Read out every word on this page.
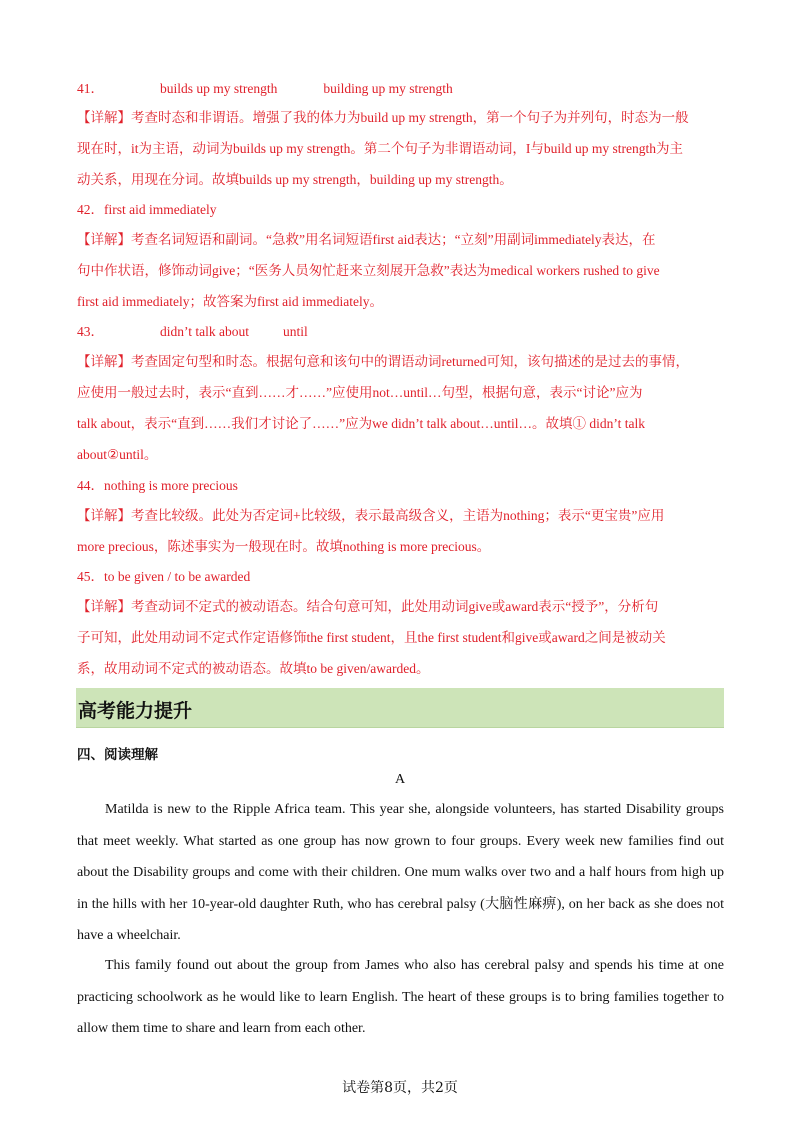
41．	builds up my strength	building up my strength
【详解】考查时态和非谓语。增强了我的体力为build up my strength，第一个句子为并列句，时态为一般
现在时，it为主语，动词为builds up my strength。第二个句子为非谓语动词，I与build up my strength为主
动关系，用现在分词。故填builds up my strength，building up my strength。
42．first aid immediately
【详解】考查名词短语和副词。“急救”用名词短语first aid表达；“立刻”用副词immediately表达，在
句中作状语，修饰动词give；“医务人员匆忙赶来立刻展开急救”表达为medical workers rushed to give
first aid immediately；故答案为first aid immediately。
43．	didn’t talk about	until
【详解】考查固定句型和时态。根据句意和该句中的谓语动词returned可知，该句描述的是过去的事情，
应使用一般过去时，表示“直到……才……”应使用not…until…句型，根据句意，表示“讨论”应为
talk about，表示“直到……我们才讨论了……”应为we didn’t talk about…until…。故填① didn’t talk
about②until。
44．nothing is more precious
【详解】考查比较级。此处为否定词+比较级，表示最高级含义，主语为nothing；表示“更宝贵”应用
more precious，陈述事实为一般现在时。故填nothing is more precious。
45．to be given / to be awarded
【详解】考查动词不定式的被动语态。结合句意可知，此处用动词give或award表示“授予”，分析句
子可知，此处用动词不定式作定语修饰the first student，且the first student和give或award之间是被动关
系，故用动词不定式的被动语态。故填to be given/awarded。
高考能力提升
四、阅读理解
A
Matilda is new to the Ripple Africa team. This year she, alongside volunteers, has started Disability groups that meet weekly. What started as one group has now grown to four groups. Every week new families find out about the Disability groups and come with their children. One mum walks over two and a half hours from high up in the hills with her 10-year-old daughter Ruth, who has cerebral palsy (大脑性麻痹), on her back as she does not have a wheelchair.
This family found out about the group from James who also has cerebral palsy and spends his time at one practicing schoolwork as he would like to learn English. The heart of these groups is to bring families together to allow them time to share and learn from each other.
试卷第8页，共2页
